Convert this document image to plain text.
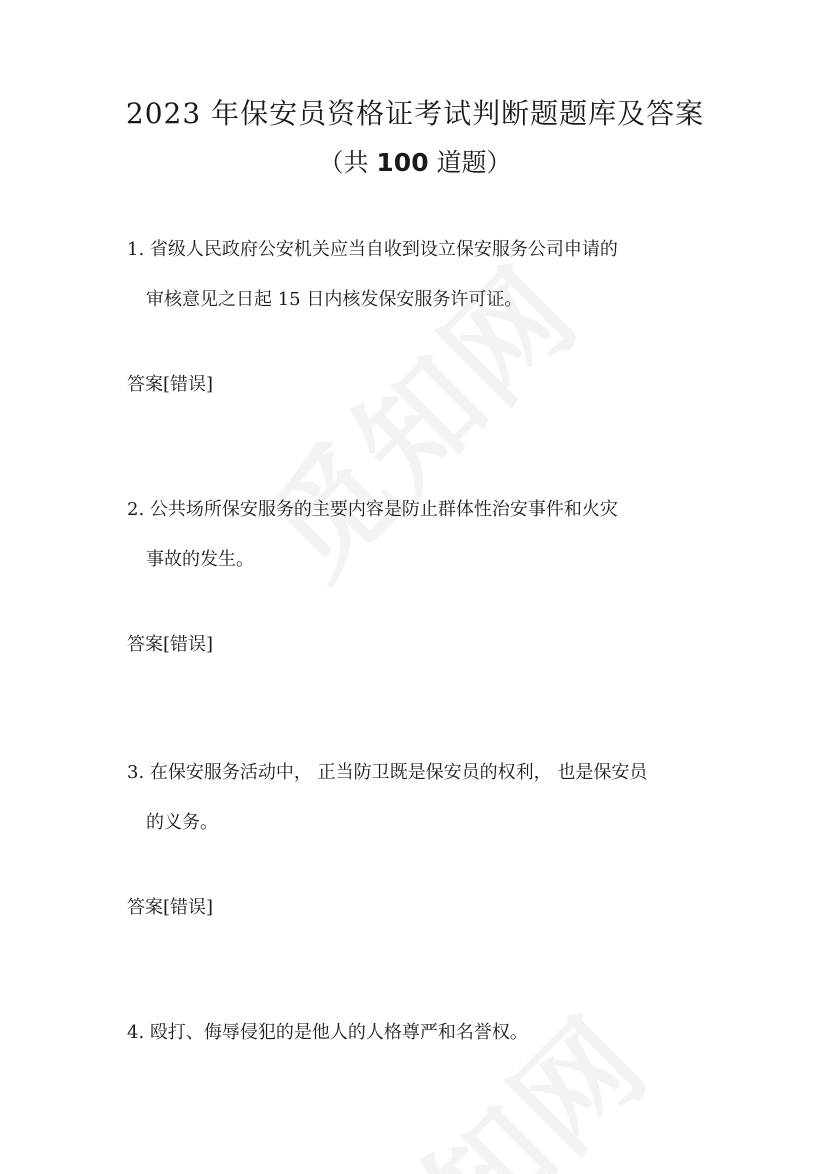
2023 年保安员资格证考试判断题题库及答案
（共 100 道题）
1. 省级人民政府公安机关应当自收到设立保安服务公司申请的
审核意见之日起 15 日内核发保安服务许可证。
答案[错误]
2. 公共场所保安服务的主要内容是防止群体性治安事件和火灾
事故的发生。
答案[错误]
3. 在保安服务活动中， 正当防卫既是保安员的权利， 也是保安员
的义务。
答案[错误]
4. 殴打、侮辱侵犯的是他人的人格尊严和名誉权。
